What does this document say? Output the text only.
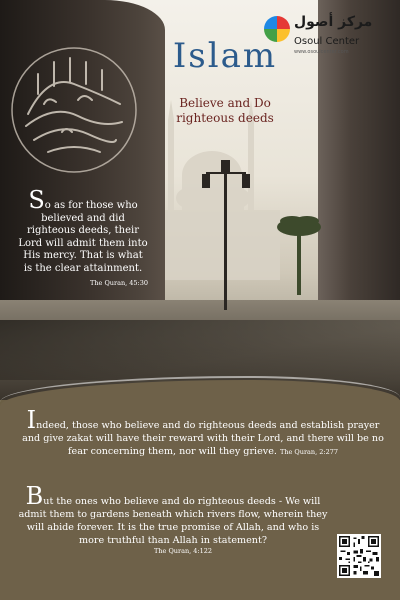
مركز أصول
Osoul Center
www.osoulcenter.com
Islam
Believe and Do righteous deeds
So as for those who believed and did righteous deeds, their Lord will admit them into His mercy. That is what is the clear attainment.
The Quran, 45:30
Indeed, those who believe and do righteous deeds and establish prayer and give zakat will have their reward with their Lord, and there will be no fear concerning them, nor will they grieve. The Quran, 2:277
But the ones who believe and do righteous deeds - We will admit them to gardens beneath which rivers flow, wherein they will abide forever. It is the true promise of Allah, and who is more truthful than Allah in statement?
The Quran, 4:122
